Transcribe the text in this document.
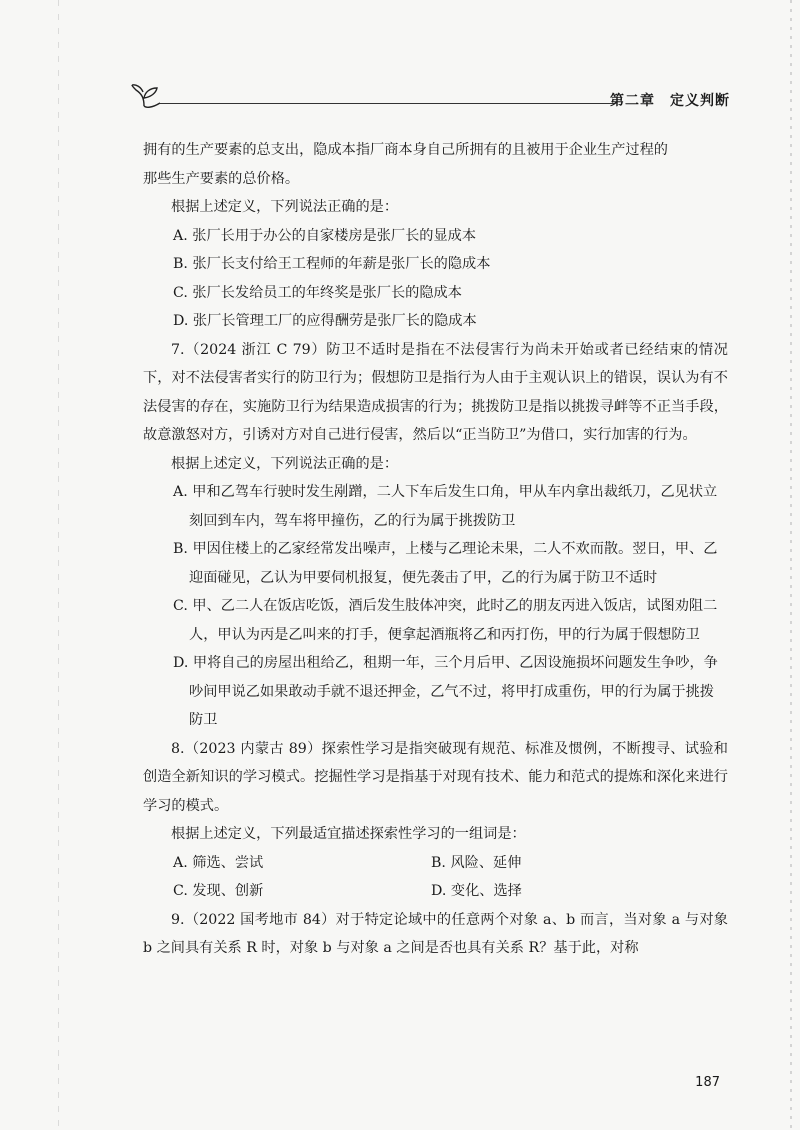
第二章　定义判断

拥有的生产要素的总支出，隐成本指厂商本身自己所拥有的且被用于企业生产过程的

那些生产要素的总价格。

根据上述定义，下列说法正确的是：

A. 张厂长用于办公的自家楼房是张厂长的显成本

B. 张厂长支付给王工程师的年薪是张厂长的隐成本

C. 张厂长发给员工的年终奖是张厂长的隐成本

D. 张厂长管理工厂的应得酬劳是张厂长的隐成本

7.（2024 浙江 C 79）防卫不适时是指在不法侵害行为尚未开始或者已经结束的情况下，对不法侵害者实行的防卫行为；假想防卫是指行为人由于主观认识上的错误，误认为有不法侵害的存在，实施防卫行为结果造成损害的行为；挑拨防卫是指以挑拨寻衅等不正当手段，故意激怒对方，引诱对方对自己进行侵害，然后以“正当防卫”为借口，实行加害的行为。

根据上述定义，下列说法正确的是：

A. 甲和乙驾车行驶时发生剐蹭，二人下车后发生口角，甲从车内拿出裁纸刀，乙见状立刻回到车内，驾车将甲撞伤，乙的行为属于挑拨防卫

B. 甲因住楼上的乙家经常发出噪声，上楼与乙理论未果，二人不欢而散。翌日，甲、乙迎面碰见，乙认为甲要伺机报复，便先袭击了甲，乙的行为属于防卫不适时

C. 甲、乙二人在饭店吃饭，酒后发生肢体冲突，此时乙的朋友丙进入饭店，试图劝阻二人，甲认为丙是乙叫来的打手，便拿起酒瓶将乙和丙打伤，甲的行为属于假想防卫

D. 甲将自己的房屋出租给乙，租期一年，三个月后甲、乙因设施损坏问题发生争吵，争吵间甲说乙如果敢动手就不退还押金，乙气不过，将甲打成重伤，甲的行为属于挑拨防卫

8.（2023 内蒙古 89）探索性学习是指突破现有规范、标准及惯例，不断搜寻、试验和创造全新知识的学习模式。挖掘性学习是指基于对现有技术、能力和范式的提炼和深化来进行学习的模式。

根据上述定义，下列最适宜描述探索性学习的一组词是：

A. 筛选、尝试	B. 风险、延伸
C. 发现、创新	D. 变化、选择

9.（2022 国考地市 84）对于特定论域中的任意两个对象 a、b 而言，当对象 a 与对象 b 之间具有关系 R 时，对象 b 与对象 a 之间是否也具有关系 R？基于此，对称

187
